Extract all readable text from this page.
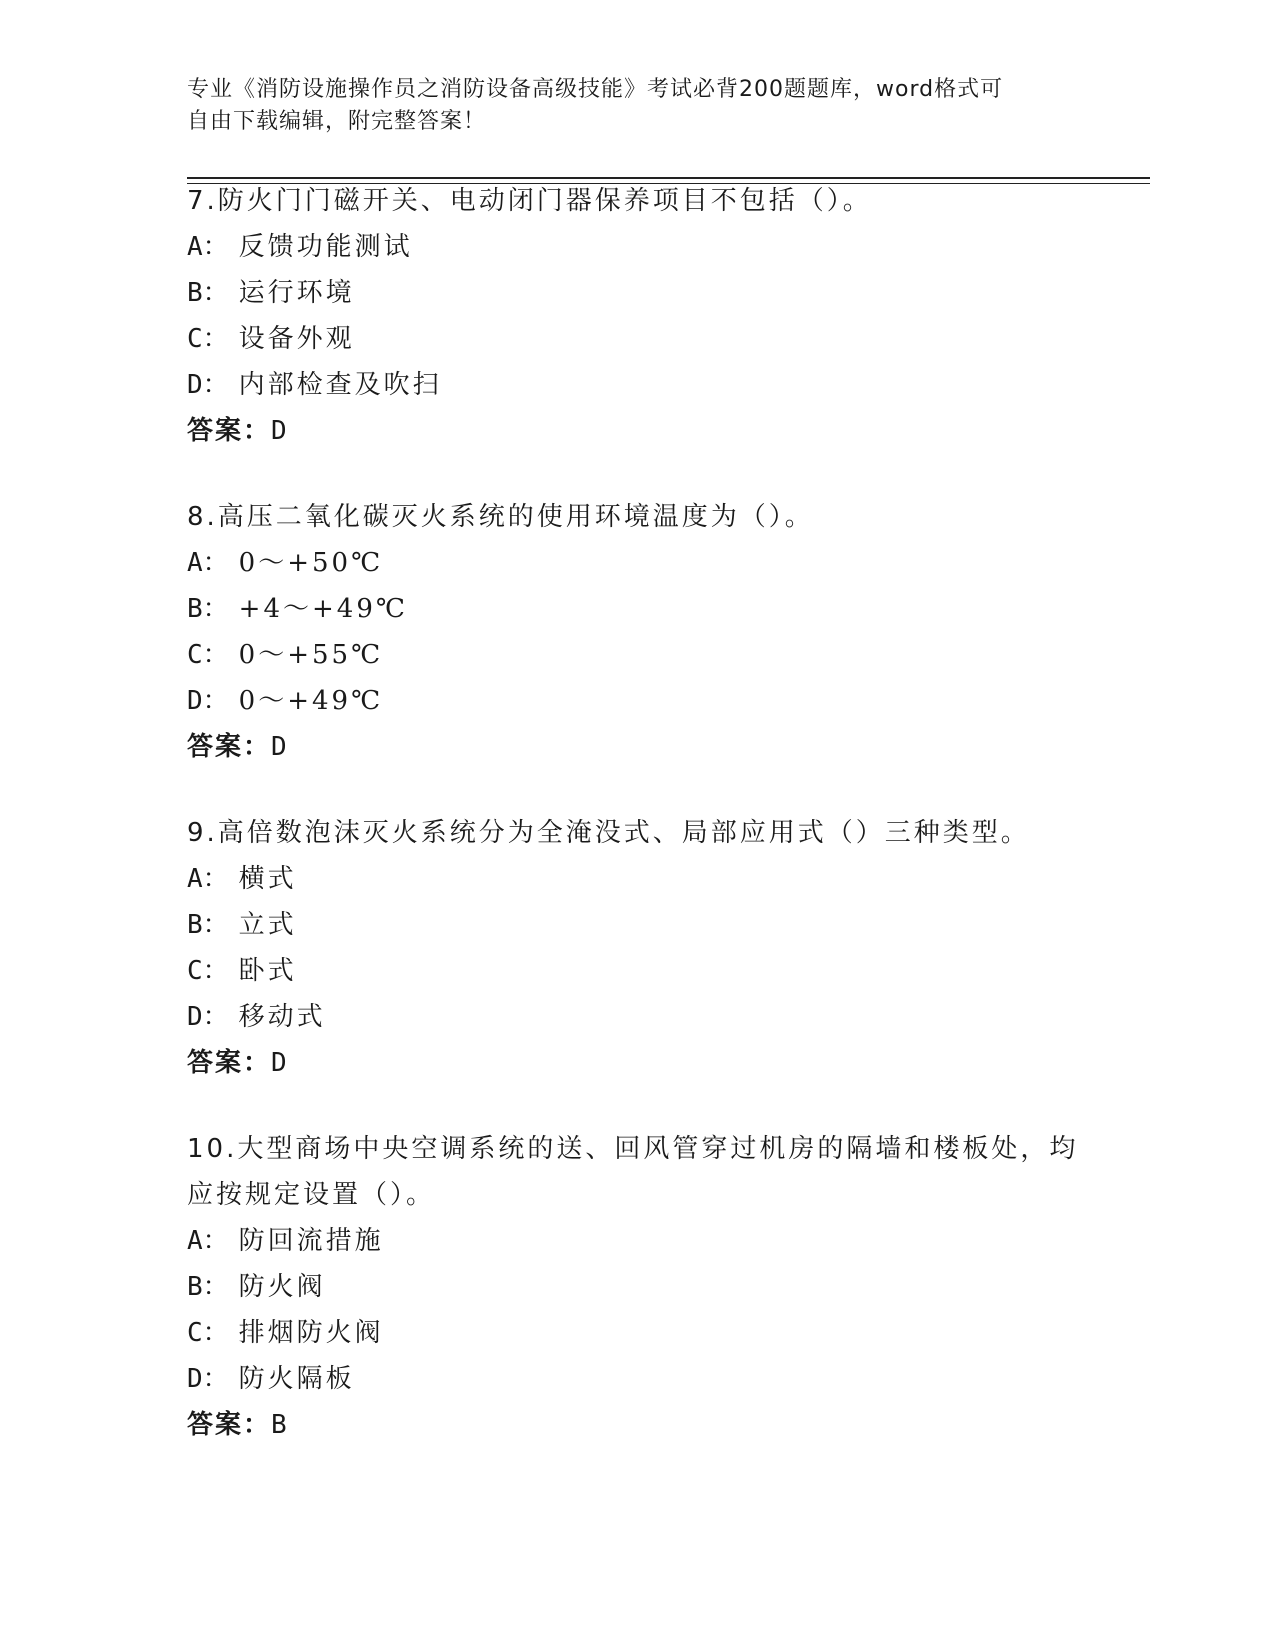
专业《消防设施操作员之消防设备高级技能》考试必背200题题库，word格式可
自由下载编辑，附完整答案！
7.防火门门磁开关、电动闭门器保养项目不包括（）。
A： 反馈功能测试
B： 运行环境
C： 设备外观
D： 内部检查及吹扫
答案：D
8.高压二氧化碳灭火系统的使用环境温度为（）。
A： 0～+50℃
B： +4～+49℃
C： 0～+55℃
D： 0～+49℃
答案：D
9.高倍数泡沫灭火系统分为全淹没式、局部应用式（）三种类型。
A： 横式
B： 立式
C： 卧式
D： 移动式
答案：D
10.大型商场中央空调系统的送、回风管穿过机房的隔墙和楼板处，均
应按规定设置（）。
A： 防回流措施
B： 防火阀
C： 排烟防火阀
D： 防火隔板
答案：B
